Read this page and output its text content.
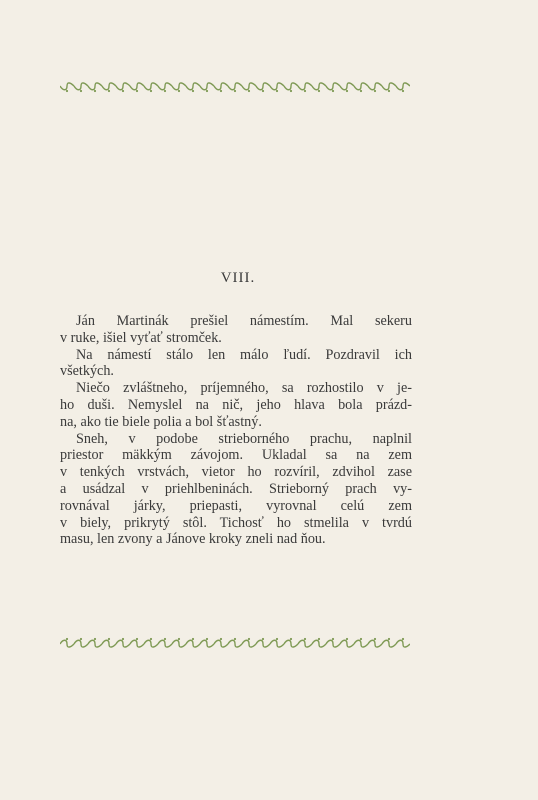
VIII.

Ján Martinák prešiel námestím. Mal sekeru
v ruke, išiel vyťať stromček.

Na námestí stálo len málo ľudí. Pozdravil ich
všetkých.

Niečo zvláštneho, príjemného, sa rozhostilo v je-
ho duši. Nemyslel na nič, jeho hlava bola prázd-
na, ako tie biele polia a bol šťastný.

Sneh, v podobe strieborného prachu, naplnil
priestor mäkkým závojom. Ukladal sa na zem
v tenkých vrstvách, vietor ho rozvíril, zdvihol zase
a usádzal v priehlbeninách. Strieborný prach vy-
rovnával járky, priepasti, vyrovnal celú zem
v biely, prikrytý stôl. Tichosť ho stmelila v tvrdú
masu, len zvony a Jánove kroky zneli nad ňou.
